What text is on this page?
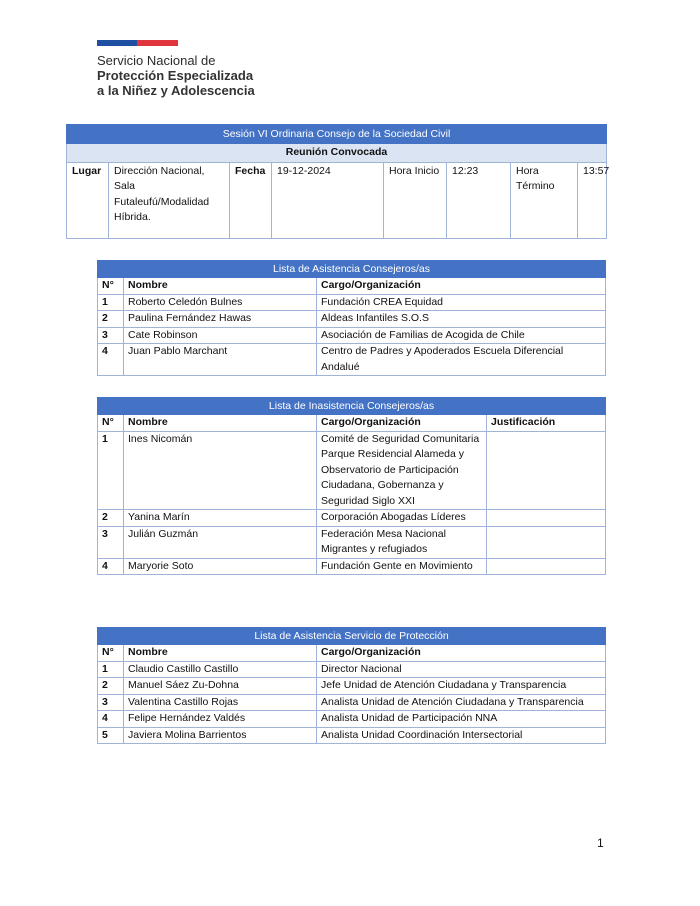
Servicio Nacional de
Protección Especializada
a la Niñez y Adolescencia
Sesión VI Ordinaria Consejo de la Sociedad Civil
Reunión Convocada
Lugar	Dirección Nacional, Sala Futaleufú/Modalidad Híbrida.	Fecha	19-12-2024	Hora Inicio	12:23	Hora Término	13:57
Lista de Asistencia Consejeros/as		
N°	Nombre	Cargo/Organización
1	Roberto Celedón Bulnes	Fundación CREA Equidad
2	Paulina Fernández Hawas	Aldeas Infantiles S.O.S
3	Cate Robinson	Asociación de Familias de Acogida de Chile
4	Juan Pablo Marchant	Centro de Padres y Apoderados Escuela Diferencial Andalué
Lista de Inasistencia Consejeros/as			
N°	Nombre	Cargo/Organización	Justificación
1	Ines Nicomán	Comité de Seguridad Comunitaria Parque Residencial Alameda y Observatorio de Participación Ciudadana, Gobernanza y Seguridad Siglo XXI	
2	Yanina Marín	Corporación Abogadas Líderes	
3	Julián Guzmán	Federación Mesa Nacional Migrantes y refugiados	
4	Maryorie Soto	Fundación Gente en Movimiento	
Lista de Asistencia Servicio de Protección		
N°	Nombre	Cargo/Organización
1	Claudio Castillo Castillo	Director Nacional
2	Manuel Sáez Zu-Dohna	Jefe Unidad de Atención Ciudadana y Transparencia
3	Valentina Castillo Rojas	Analista Unidad de Atención Ciudadana y Transparencia
4	Felipe Hernández Valdés	Analista Unidad de Participación NNA
5	Javiera Molina Barrientos	Analista Unidad Coordinación Intersectorial
1
